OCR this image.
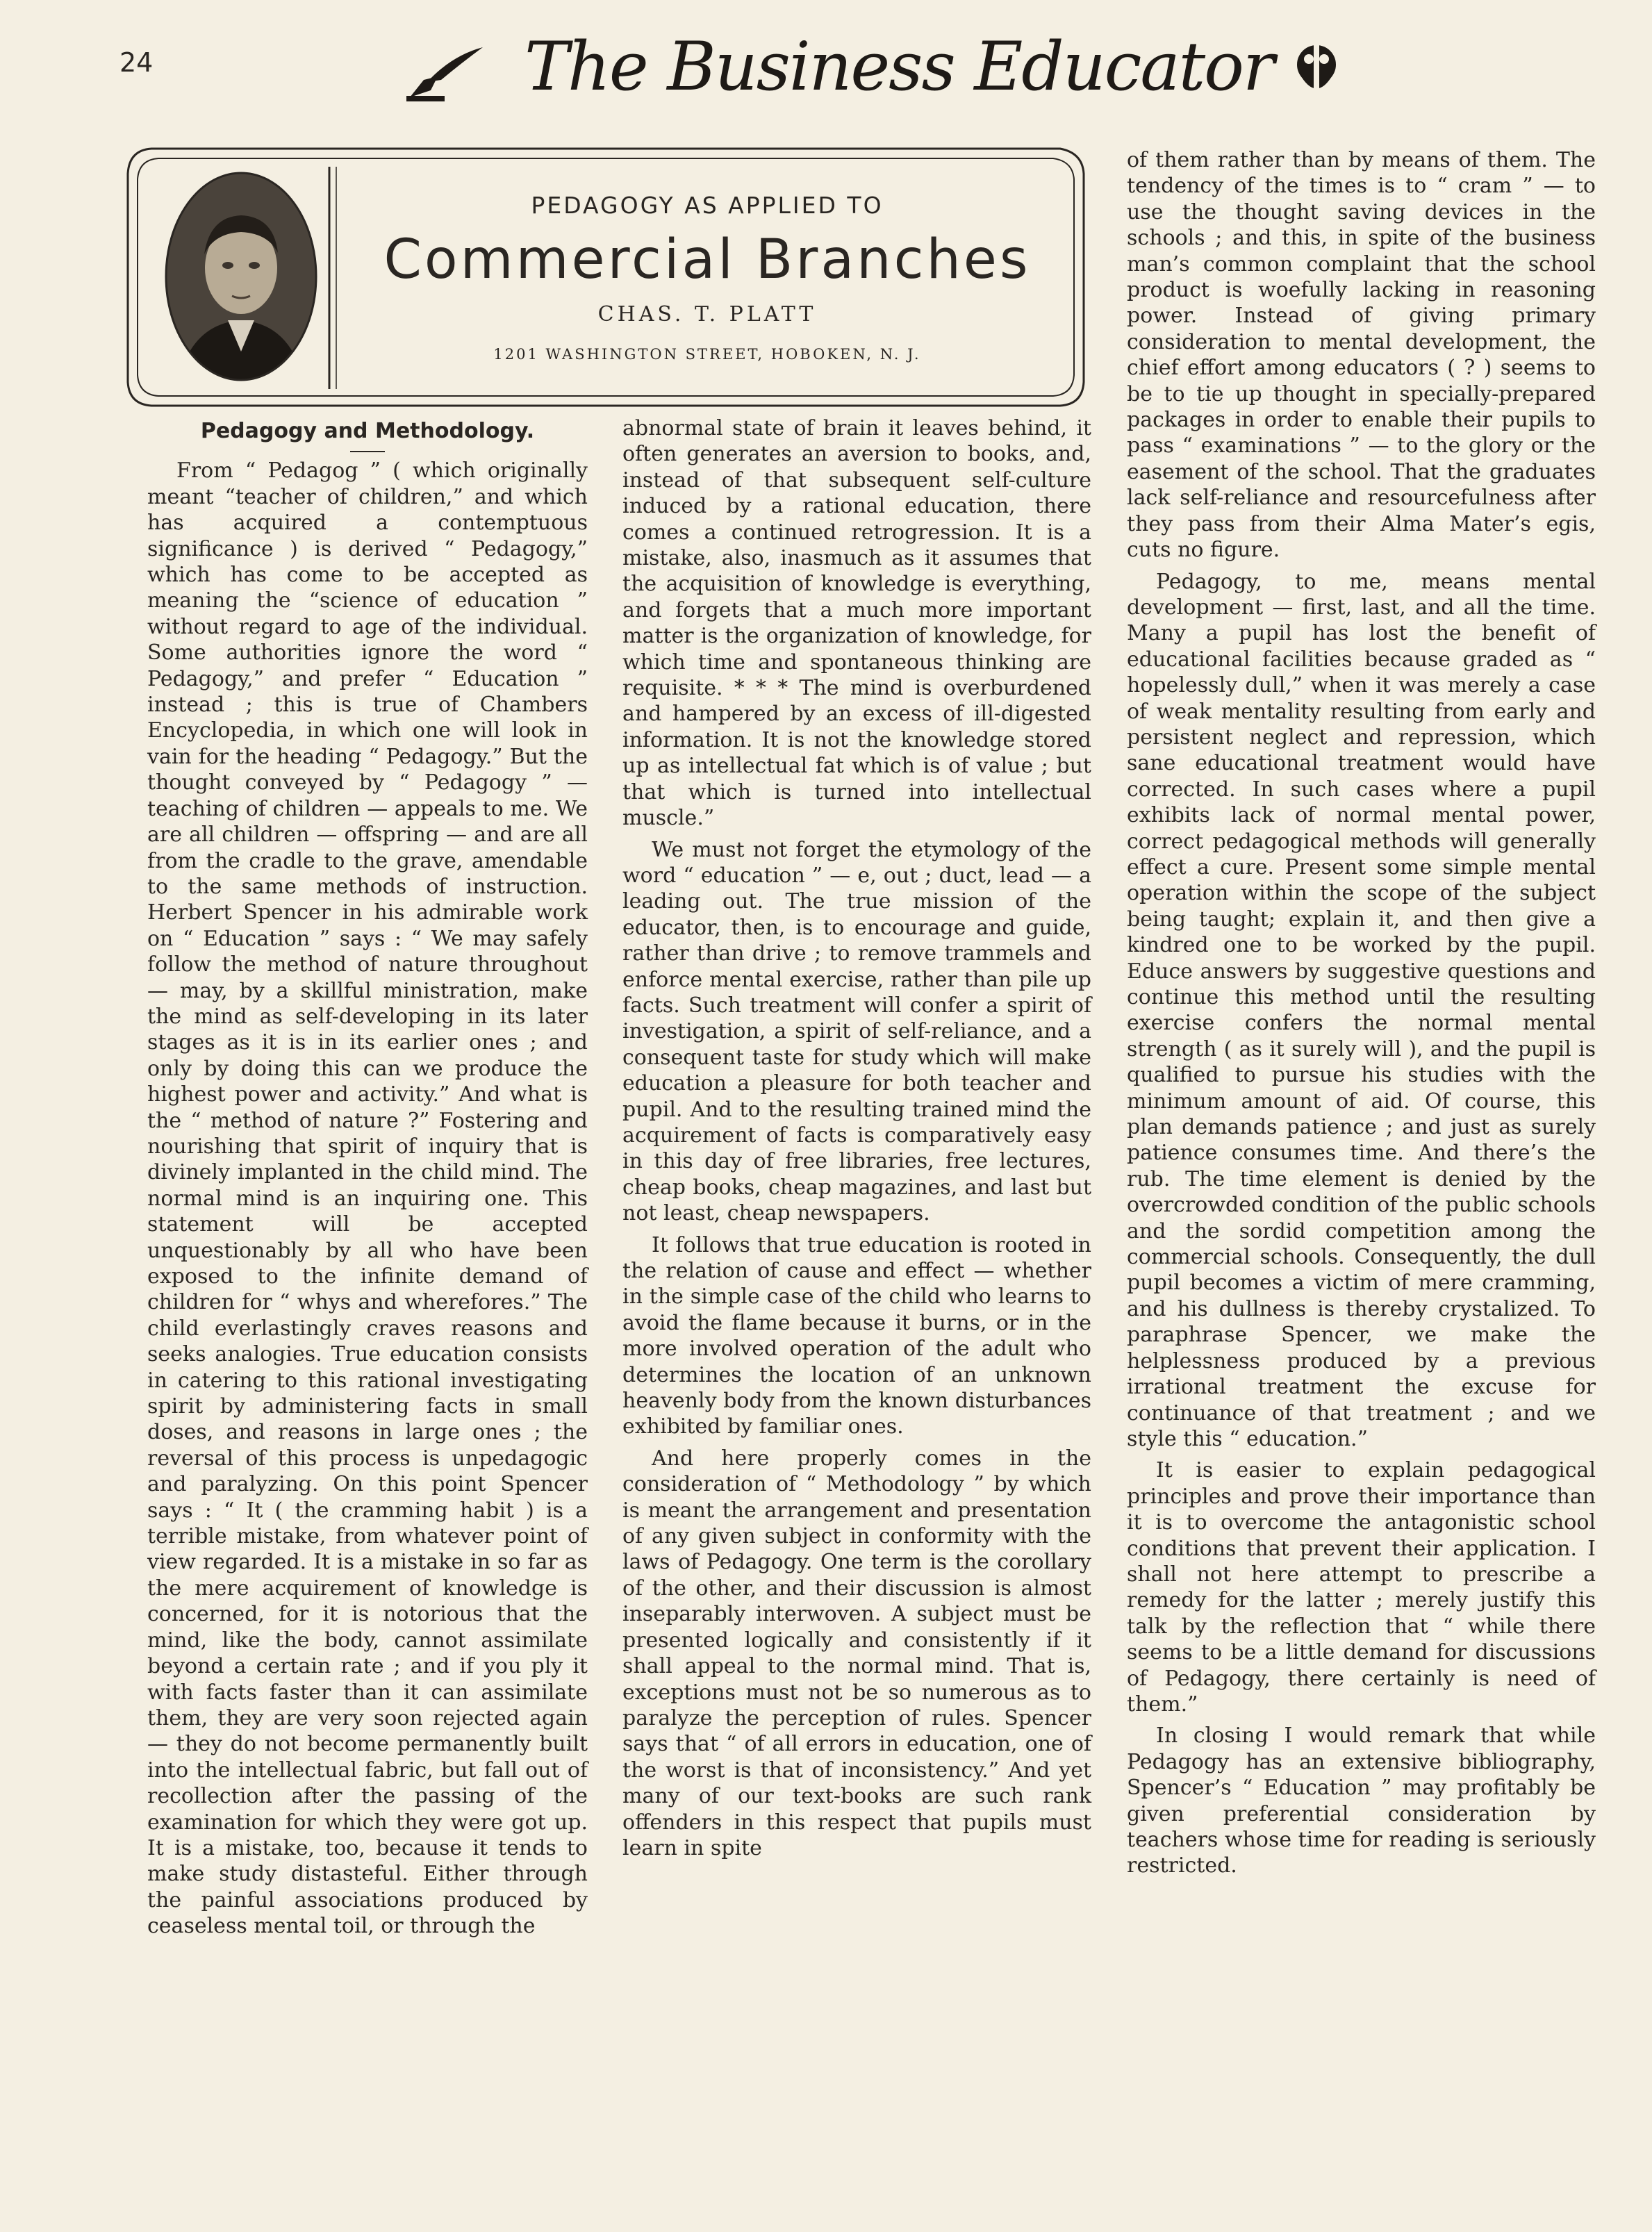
24	The Business Educator
PEDAGOGY AS APPLIED TO
Commercial Branches
CHAS. T. PLATT
1201 WASHINGTON STREET, HOBOKEN, N. J.
Pedagogy and Methodology.

From “ Pedagog ” ( which originally meant “teacher of children,” and which has acquired a contemptuous significance ) is derived “ Pedagogy,” which has come to be accepted as meaning the “science of education ” without regard to age of the individual. Some authorities ignore the word “ Pedagogy,” and prefer “ Education ” instead ; this is true of Chambers Encyclopedia, in which one will look in vain for the heading “ Pedagogy.” But the thought conveyed by “ Pedagogy ” — teaching of children — appeals to me. We are all children — offspring — and are all from the cradle to the grave, amendable to the same methods of instruction. Herbert Spencer in his admirable work on “ Education ” says : “ We may safely follow the method of nature throughout — may, by a skillful ministration, make the mind as self-developing in its later stages as it is in its earlier ones ; and only by doing this can we produce the highest power and activity.” And what is the “ method of nature ?” Fostering and nourishing that spirit of inquiry that is divinely implanted in the child mind. The normal mind is an inquiring one. This statement will be accepted unquestionably by all who have been exposed to the infinite demand of children for “ whys and wherefores.” The child everlastingly craves reasons and seeks analogies. True education consists in catering to this rational investigating spirit by administering facts in small doses, and reasons in large ones ; the reversal of this process is unpedagogic and paralyzing. On this point Spencer says : “ It ( the cramming habit ) is a terrible mistake, from whatever point of view regarded. It is a mistake in so far as the mere acquirement of knowledge is concerned, for it is notorious that the mind, like the body, cannot assimilate beyond a certain rate ; and if you ply it with facts faster than it can assimilate them, they are very soon rejected again — they do not become permanently built into the intellectual fabric, but fall out of recollection after the passing of the examination for which they were got up. It is a mistake, too, because it tends to make study distasteful. Either through the painful associations produced by ceaseless mental toil, or through the

abnormal state of brain it leaves behind, it often generates an aversion to books, and, instead of that subsequent self-culture induced by a rational education, there comes a continued retrogression. It is a mistake, also, inasmuch as it assumes that the acquisition of knowledge is everything, and forgets that a much more important matter is the organization of knowledge, for which time and spontaneous thinking are requisite. * * * The mind is overburdened and hampered by an excess of ill-digested information. It is not the knowledge stored up as intellectual fat which is of value ; but that which is turned into intellectual muscle.”

We must not forget the etymology of the word “ education ” — e, out ; duct, lead — a leading out. The true mission of the educator, then, is to encourage and guide, rather than drive ; to remove trammels and enforce mental exercise, rather than pile up facts. Such treatment will confer a spirit of investigation, a spirit of self-reliance, and a consequent taste for study which will make education a pleasure for both teacher and pupil. And to the resulting trained mind the acquirement of facts is comparatively easy in this day of free libraries, free lectures, cheap books, cheap magazines, and last but not least, cheap newspapers.

It follows that true education is rooted in the relation of cause and effect — whether in the simple case of the child who learns to avoid the flame because it burns, or in the more involved operation of the adult who determines the location of an unknown heavenly body from the known disturbances exhibited by familiar ones.

And here properly comes in the consideration of “ Methodology ” by which is meant the arrangement and presentation of any given subject in conformity with the laws of Pedagogy. One term is the corollary of the other, and their discussion is almost inseparably interwoven. A subject must be presented logically and consistently if it shall appeal to the normal mind. That is, exceptions must not be so numerous as to paralyze the perception of rules. Spencer says that “ of all errors in education, one of the worst is that of inconsistency.” And yet many of our text-books are such rank offenders in this respect that pupils must learn in spite

of them rather than by means of them. The tendency of the times is to “ cram ” — to use the thought saving devices in the schools ; and this, in spite of the business man’s common complaint that the school product is woefully lacking in reasoning power. Instead of giving primary consideration to mental development, the chief effort among educators ( ? ) seems to be to tie up thought in specially-prepared packages in order to enable their pupils to pass “ examinations ” — to the glory or the easement of the school. That the graduates lack self-reliance and resourcefulness after they pass from their Alma Mater’s egis, cuts no figure.

Pedagogy, to me, means mental development — first, last, and all the time. Many a pupil has lost the benefit of educational facilities because graded as “ hopelessly dull,” when it was merely a case of weak mentality resulting from early and persistent neglect and repression, which sane educational treatment would have corrected. In such cases where a pupil exhibits lack of normal mental power, correct pedagogical methods will generally effect a cure. Present some simple mental operation within the scope of the subject being taught; explain it, and then give a kindred one to be worked by the pupil. Educe answers by suggestive questions and continue this method until the resulting exercise confers the normal mental strength ( as it surely will ), and the pupil is qualified to pursue his studies with the minimum amount of aid. Of course, this plan demands patience ; and just as surely patience consumes time. And there’s the rub. The time element is denied by the overcrowded condition of the public schools and the sordid competition among the commercial schools. Consequently, the dull pupil becomes a victim of mere cramming, and his dullness is thereby crystalized. To paraphrase Spencer, we make the helplessness produced by a previous irrational treatment the excuse for continuance of that treatment ; and we style this “ education.”

It is easier to explain pedagogical principles and prove their importance than it is to overcome the antagonistic school conditions that prevent their application. I shall not here attempt to prescribe a remedy for the latter ; merely justify this talk by the reflection that “ while there seems to be a little demand for discussions of Pedagogy, there certainly is need of them.”

In closing I would remark that while Pedagogy has an extensive bibliography, Spencer’s “ Education ” may profitably be given preferential consideration by teachers whose time for reading is seriously restricted.
